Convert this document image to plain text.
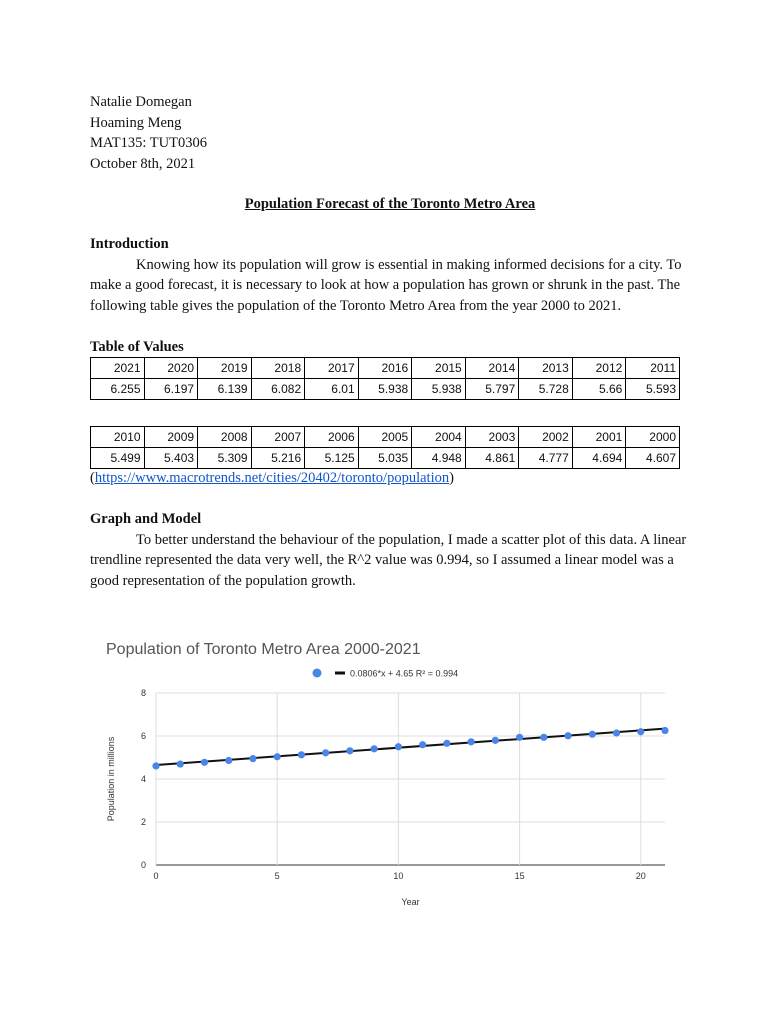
Natalie Domegan
Hoaming Meng
MAT135: TUT0306
October 8th, 2021
Population Forecast of the Toronto Metro Area
Introduction

Knowing how its population will grow is essential in making informed decisions for a city. To make a good forecast, it is necessary to look at how a population has grown or shrunk in the past. The following table gives the population of the Toronto Metro Area from the year 2000 to 2021.

Table of Values
2021	2020	2019	2018	2017	2016	2015	2014	2013	2012	2011
6.255	6.197	6.139	6.082	6.01	5.938	5.938	5.797	5.728	5.66	5.593
2010	2009	2008	2007	2006	2005	2004	2003	2002	2001	2000
5.499	5.403	5.309	5.216	5.125	5.035	4.948	4.861	4.777	4.694	4.607
(https://www.macrotrends.net/cities/20402/toronto/population)
Graph and Model

To better understand the behaviour of the population, I made a scatter plot of this data. A linear trendline represented the data very well, the R^2 value was 0.994, so I assumed a linear model was a good representation of the population growth.

Population of Toronto Metro Area 2000-2021
0.0806*x + 4.65 R² = 0.994
0
2
4
6
8
0	5	10	15	20
Population in millions
Year
